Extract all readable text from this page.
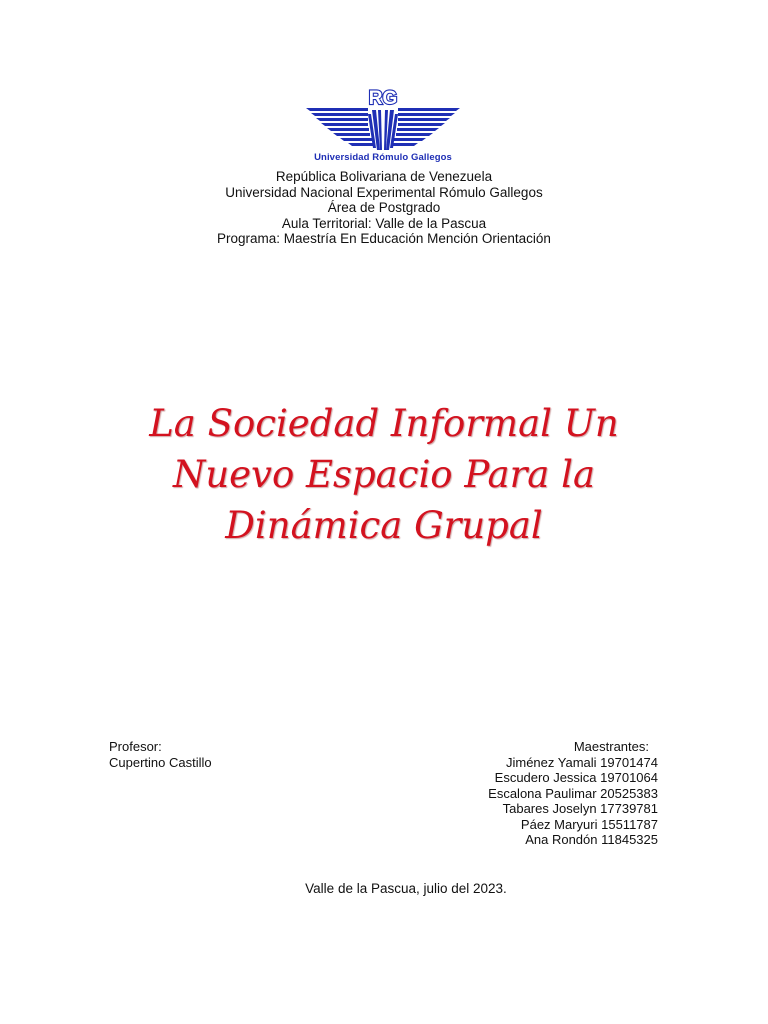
RG
Universidad Rómulo Gallegos
República Bolivariana de Venezuela
Universidad Nacional Experimental Rómulo Gallegos
Área de Postgrado
Aula Territorial: Valle de la Pascua
Programa: Maestría En Educación Mención Orientación
La Sociedad Informal Un
Nuevo Espacio Para la
Dinámica Grupal
Profesor:
Cupertino Castillo
Maestrantes:
Jiménez Yamali 19701474
Escudero Jessica 19701064
Escalona Paulimar 20525383
Tabares Joselyn 17739781
Páez Maryuri 15511787
Ana Rondón 11845325
Valle de la Pascua, julio del 2023.
